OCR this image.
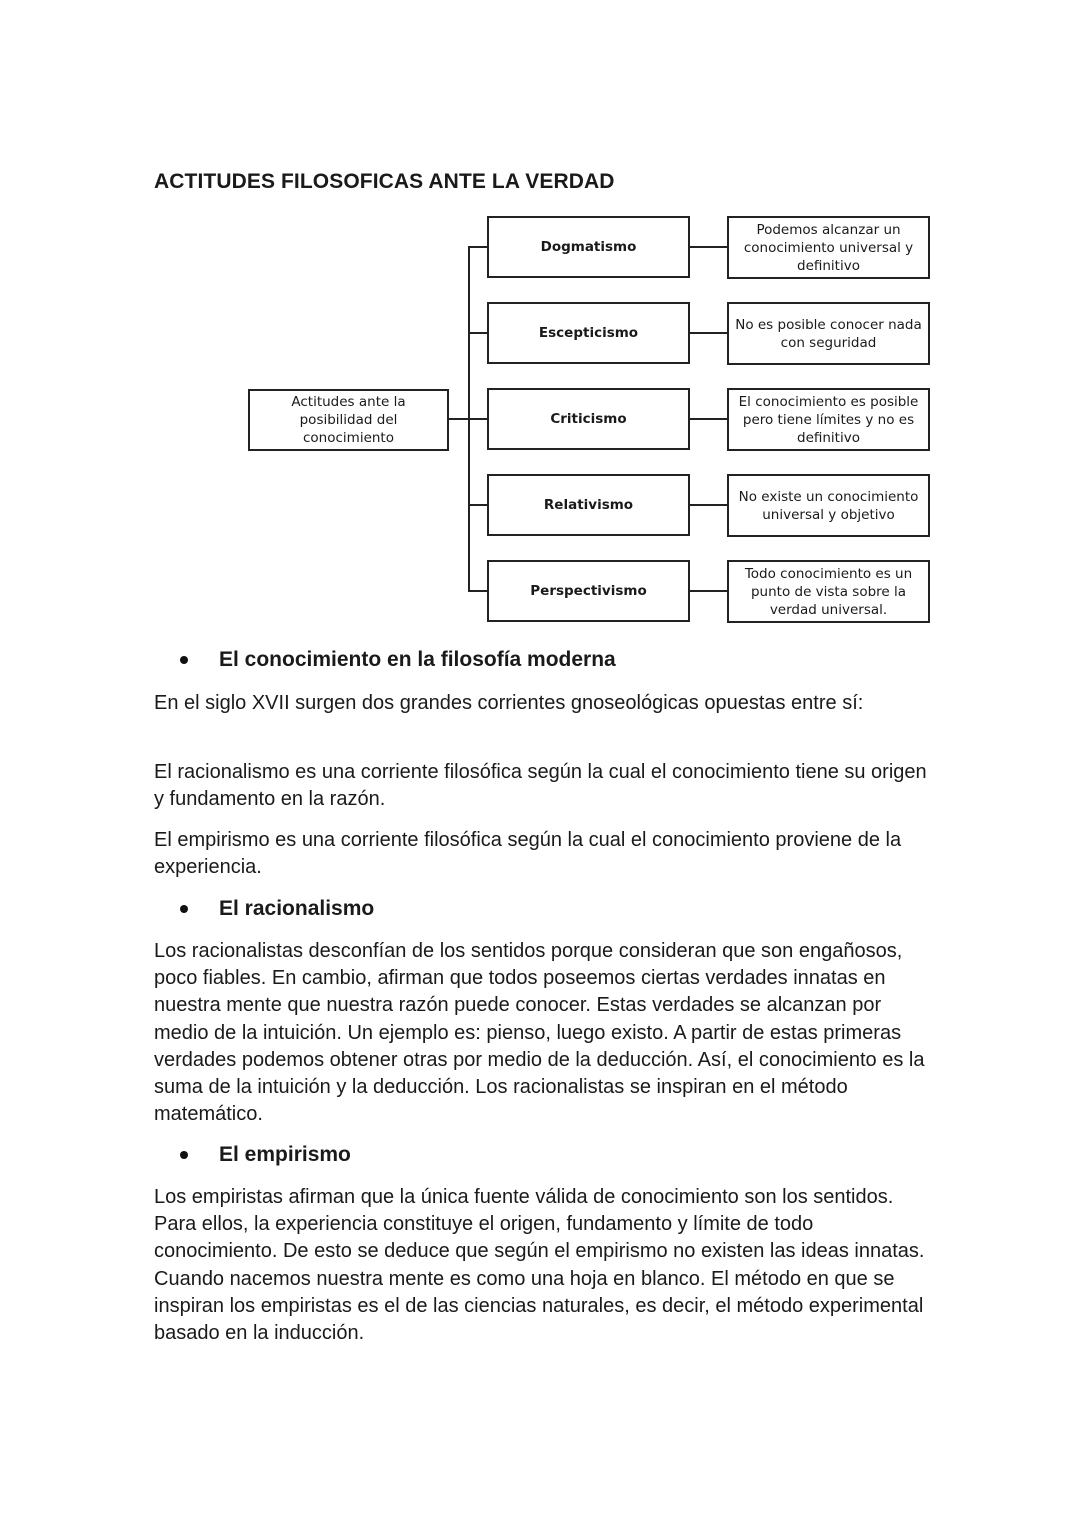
ACTITUDES FILOSOFICAS ANTE LA VERDAD
Actitudes ante la posibilidad del conocimiento
Dogmatismo
Podemos alcanzar un conocimiento universal y definitivo
Escepticismo
No es posible conocer nada con seguridad
Criticismo
El conocimiento es posible pero tiene límites y no es definitivo
Relativismo
No existe un conocimiento universal y objetivo
Perspectivismo
Todo conocimiento es un punto de vista sobre la verdad universal.
El conocimiento en la filosofía moderna

En el siglo XVII surgen dos grandes corrientes gnoseológicas opuestas entre sí:

El racionalismo es una corriente filosófica según la cual el conocimiento tiene su origen y fundamento en la razón.

El empirismo es una corriente filosófica según la cual el conocimiento proviene de la experiencia.

El racionalismo

Los racionalistas desconfían de los sentidos porque consideran que son engañosos, poco fiables. En cambio, afirman que todos poseemos ciertas verdades innatas en nuestra mente que nuestra razón puede conocer. Estas verdades se alcanzan por medio de la intuición. Un ejemplo es: pienso, luego existo. A partir de estas primeras verdades podemos obtener otras por medio de la deducción. Así, el conocimiento es la suma de la intuición y la deducción. Los racionalistas se inspiran en el método matemático.

El empirismo

Los empiristas afirman que la única fuente válida de conocimiento son los sentidos. Para ellos, la experiencia constituye el origen, fundamento y límite de todo conocimiento. De esto se deduce que según el empirismo no existen las ideas innatas. Cuando nacemos nuestra mente es como una hoja en blanco. El método en que se inspiran los empiristas es el de las ciencias naturales, es decir, el método experimental basado en la inducción.
